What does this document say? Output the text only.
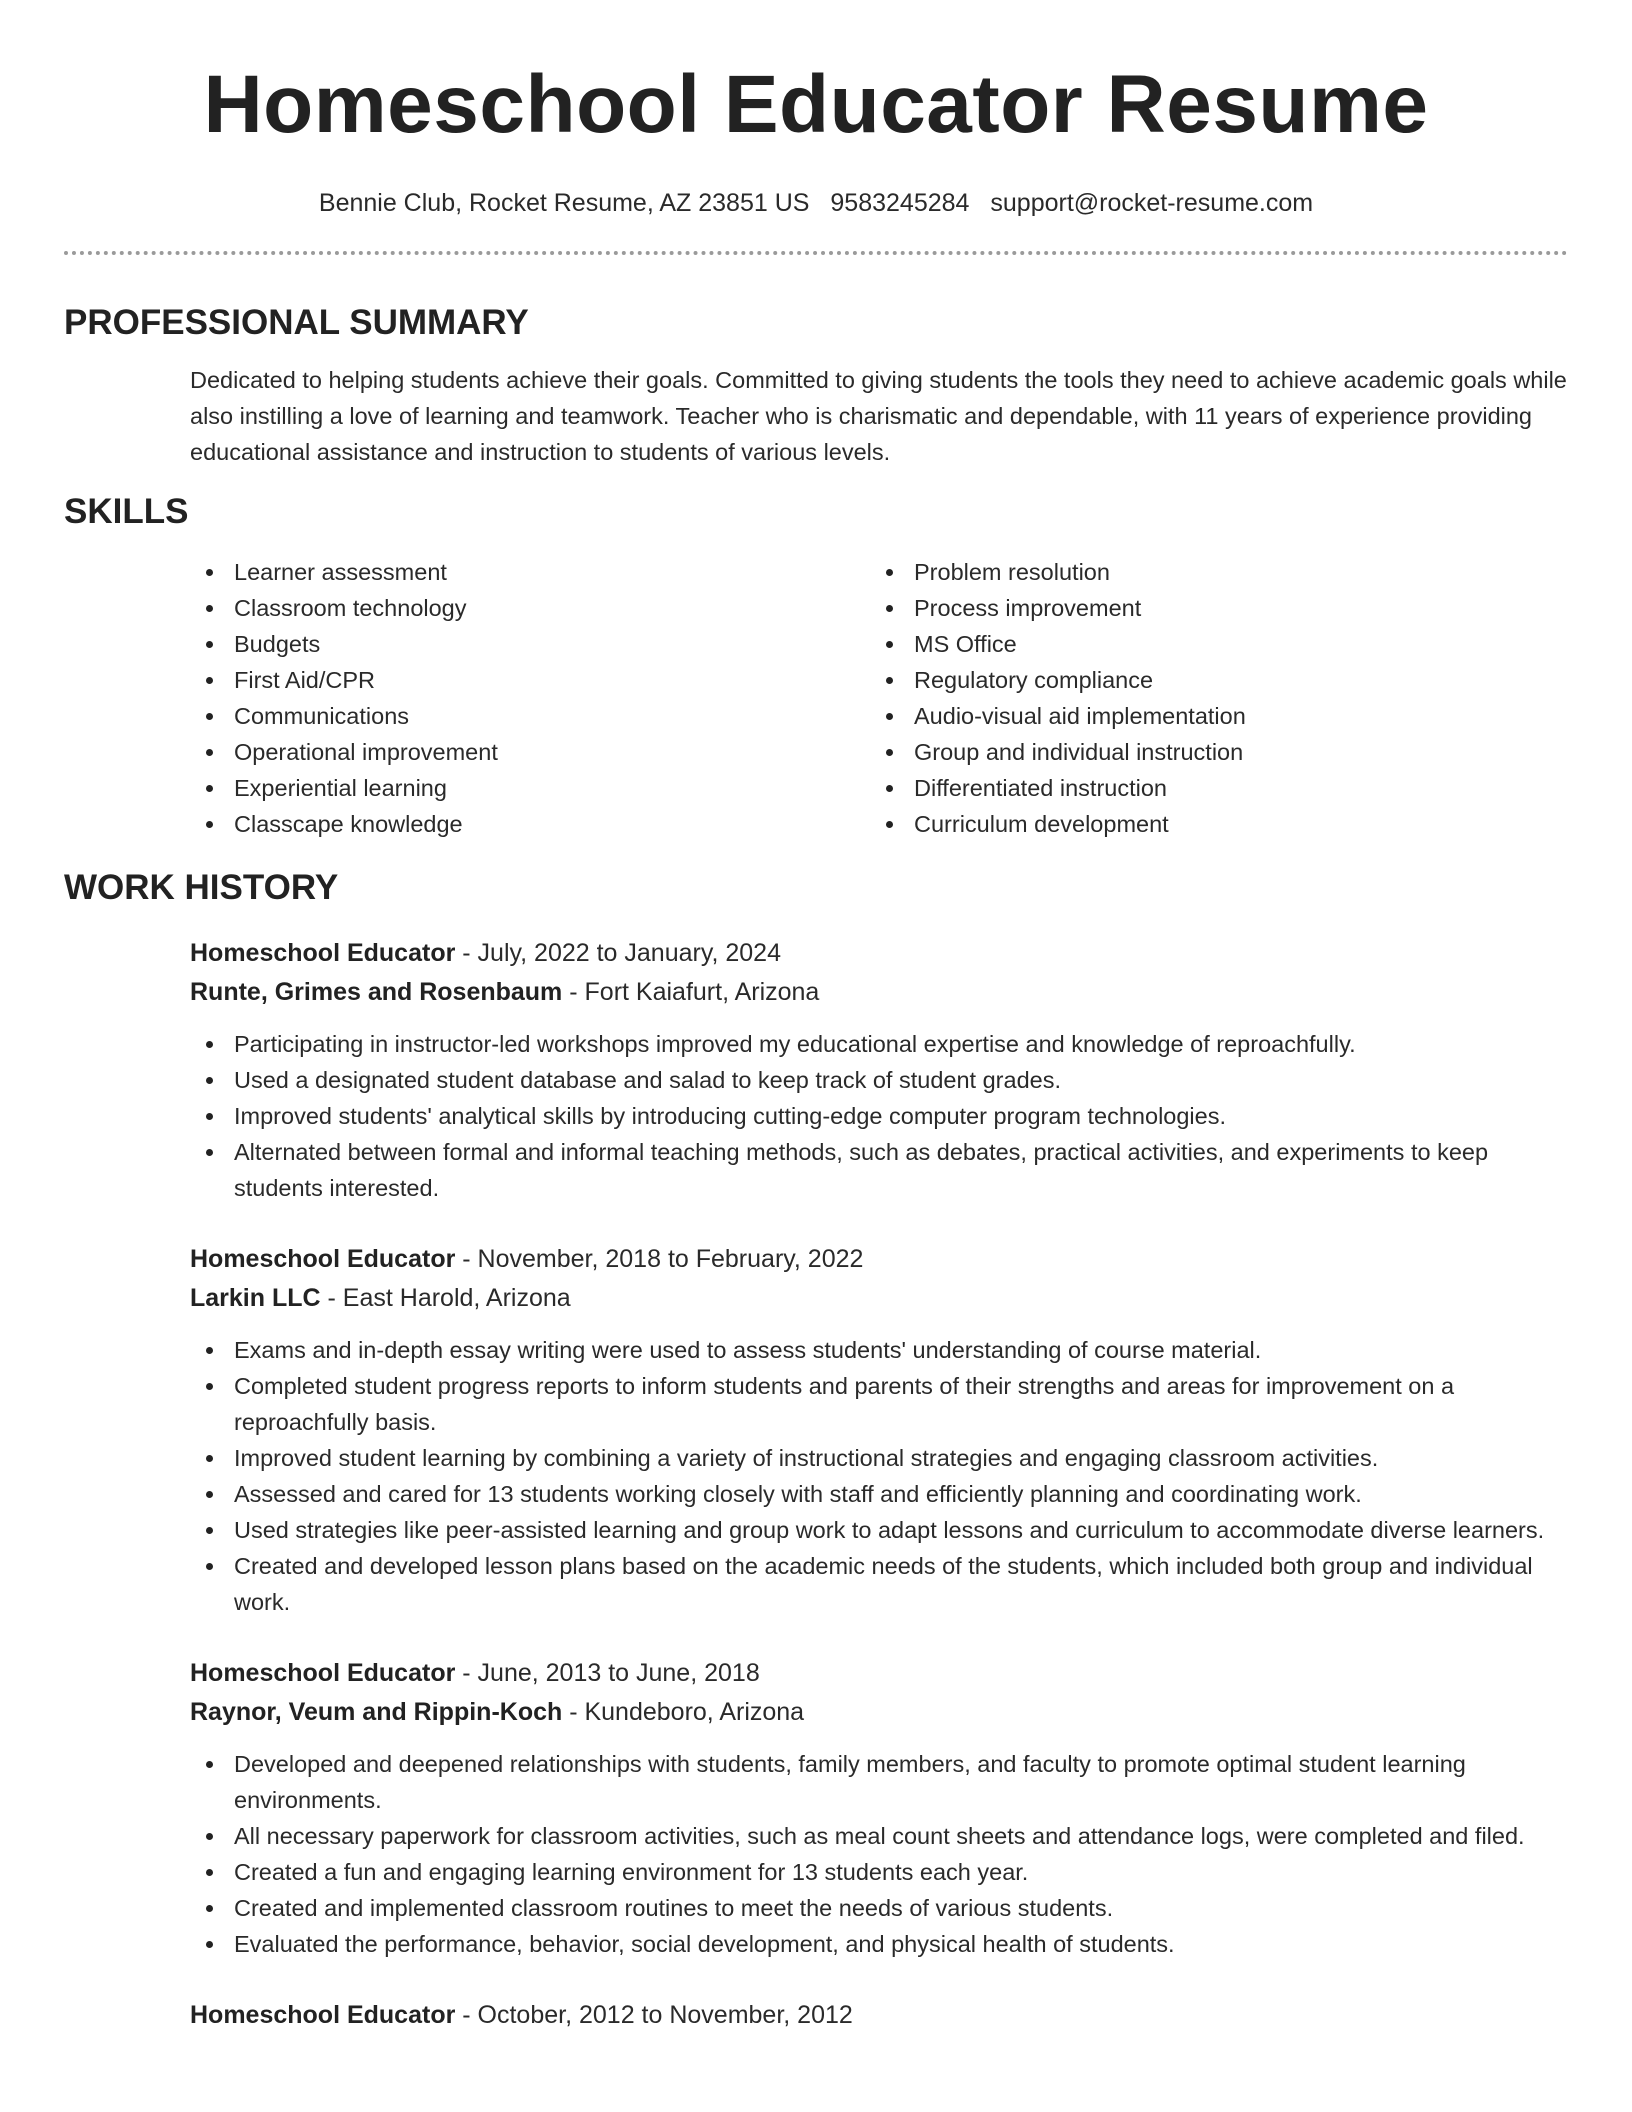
Homeschool Educator Resume
Bennie Club, Rocket Resume, AZ 23851 US 9583245284 support@rocket-resume.com
PROFESSIONAL SUMMARY

Dedicated to helping students achieve their goals. Committed to giving students the tools they need to achieve academic goals while also instilling a love of learning and teamwork. Teacher who is charismatic and dependable, with 11 years of experience providing educational assistance and instruction to students of various levels.

SKILLS
Learner assessment
Classroom technology
Budgets
First Aid/CPR
Communications
Operational improvement
Experiential learning
Classcape knowledge
Problem resolution
Process improvement
MS Office
Regulatory compliance
Audio-visual aid implementation
Group and individual instruction
Differentiated instruction
Curriculum development
WORK HISTORY
Homeschool Educator - July, 2022 to January, 2024
Runte, Grimes and Rosenbaum - Fort Kaiafurt, Arizona
Participating in instructor-led workshops improved my educational expertise and knowledge of reproachfully.
Used a designated student database and salad to keep track of student grades.
Improved students' analytical skills by introducing cutting-edge computer program technologies.
Alternated between formal and informal teaching methods, such as debates, practical activities, and experiments to keep students interested.
Homeschool Educator - November, 2018 to February, 2022
Larkin LLC - East Harold, Arizona
Exams and in-depth essay writing were used to assess students' understanding of course material.
Completed student progress reports to inform students and parents of their strengths and areas for improvement on a reproachfully basis.
Improved student learning by combining a variety of instructional strategies and engaging classroom activities.
Assessed and cared for 13 students working closely with staff and efficiently planning and coordinating work.
Used strategies like peer-assisted learning and group work to adapt lessons and curriculum to accommodate diverse learners.
Created and developed lesson plans based on the academic needs of the students, which included both group and individual work.
Homeschool Educator - June, 2013 to June, 2018
Raynor, Veum and Rippin-Koch - Kundeboro, Arizona
Developed and deepened relationships with students, family members, and faculty to promote optimal student learning environments.
All necessary paperwork for classroom activities, such as meal count sheets and attendance logs, were completed and filed.
Created a fun and engaging learning environment for 13 students each year.
Created and implemented classroom routines to meet the needs of various students.
Evaluated the performance, behavior, social development, and physical health of students.
Homeschool Educator - October, 2012 to November, 2012
